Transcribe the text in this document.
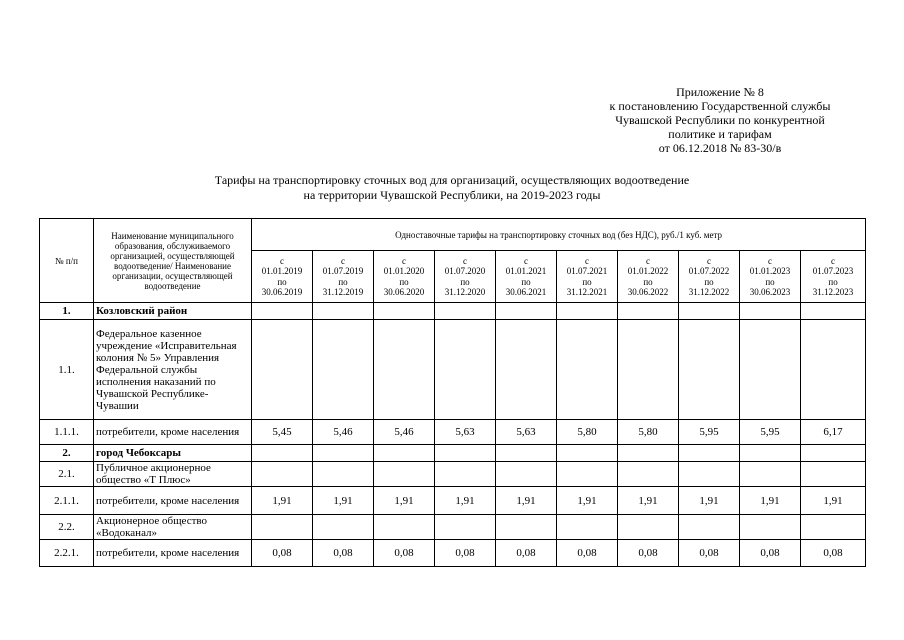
Приложение № 8
к постановлению Государственной службы
Чувашской Республики по конкурентной
политике и тарифам
от 06.12.2018 № 83-30/в
Тарифы на транспортировку сточных вод для организаций, осуществляющих водоотведение
на территории Чувашской Республики, на 2019-2023 годы
№ п/п	Наименование муниципального образования, обслуживаемого организацией, осуществляющей водоотведение/ Наименование организации, осуществляющей водоотведение	Одноставочные тарифы на транспортировку сточных вод (без НДС), руб./1 куб. метр									

		с
01.01.2019
по
30.06.2019	с
01.07.2019
по
31.12.2019	с
01.01.2020
по
30.06.2020	с
01.07.2020
по
31.12.2020	с
01.01.2021
по
30.06.2021	с
01.07.2021
по
31.12.2021	с
01.01.2022
по
30.06.2022	с
01.07.2022
по
31.12.2022	с
01.01.2023
по
30.06.2023	с
01.07.2023
по
31.12.2023

1.	Козловский район										
1.1.	Федеральное казенное учреждение «Исправительная колония № 5» Управления Федеральной службы исполнения наказаний по Чувашской Республике-Чувашии										
1.1.1.	потребители, кроме населения	5,45	5,46	5,46	5,63	5,63	5,80	5,80	5,95	5,95	6,17
2.	город Чебоксары										
2.1.	Публичное акционерное общество «Т Плюс»										
2.1.1.	потребители, кроме населения	1,91	1,91	1,91	1,91	1,91	1,91	1,91	1,91	1,91	1,91
2.2.	Акционерное общество «Водоканал»										
2.2.1.	потребители, кроме населения	0,08	0,08	0,08	0,08	0,08	0,08	0,08	0,08	0,08	0,08
